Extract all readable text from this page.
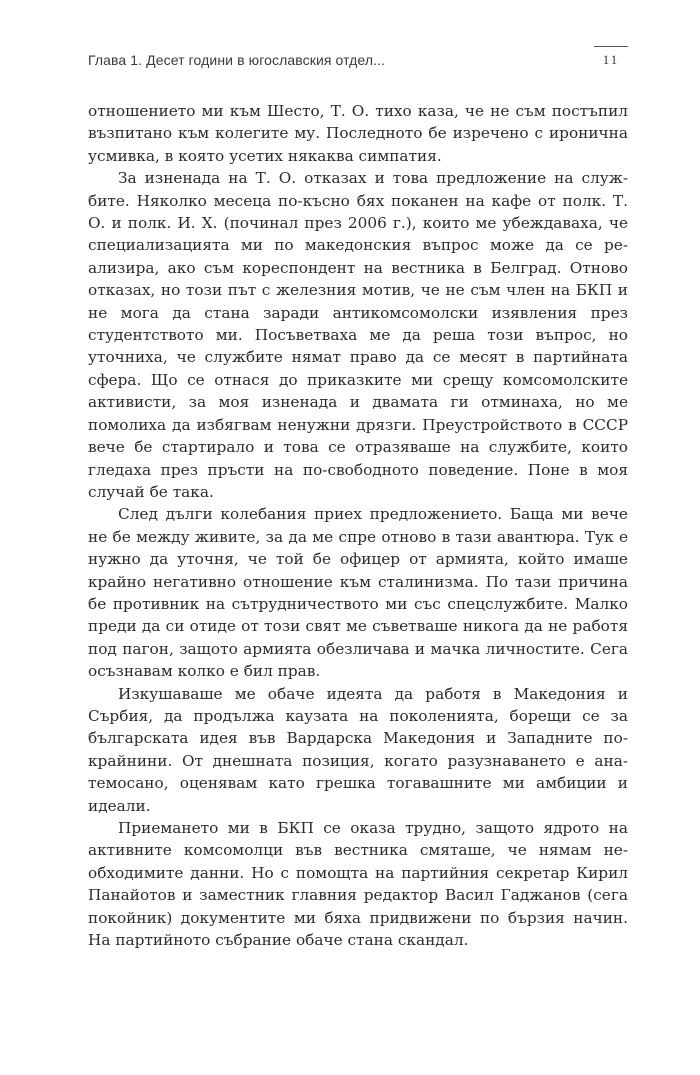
Глава 1. Десет години в югославския отдел...	11

отношението ми към Шесто, Т. О. тихо каза, че не съм постъпил възпитано към колегите му. Последното бе изречено с иронична усмивка, в която усетих някаква симпатия.

За изненада на Т. О. отказах и това предложение на службите. Няколко месеца по-късно бях поканен на кафе от полк. Т. О. и полк. И. Х. (починал през 2006 г.), които ме убеждаваха, че специализацията ми по македонския въпрос може да се реализира, ако съм кореспондент на вестника в Белград. Отново отказах, но този път с железния мотив, че не съм член на БКП и не мога да стана заради антикомсомолски изявления през студентството ми. Посъветваха ме да реша този въпрос, но уточниха, че службите нямат право да се месят в партийната сфера. Що се отнася до приказките ми срещу комсомолските активисти, за моя изненада и двамата ги отминаха, но ме помолиха да избягвам ненужни дрязги. Преустройството в СССР вече бе стартирало и това се отразяваше на службите, които гледаха през пръсти на по-свободното поведение. Поне в моя случай бе така.

След дълги колебания приех предложението. Баща ми вече не бе между живите, за да ме спре отново в тази авантюра. Тук е нужно да уточня, че той бе офицер от армията, който имаше крайно негативно отношение към сталинизма. По тази причина бе противник на сътрудничеството ми със спецслужбите. Малко преди да си отиде от този свят ме съветваше никога да не работя под пагон, защото армията обезличава и мачка личностите. Сега осъзнавам колко е бил прав.

Изкушаваше ме обаче идеята да работя в Македония и Сърбия, да продължа каузата на поколенията, борещи се за българската идея във Вардарска Македония и Западните покрайнини. От днешната позиция, когато разузнаването е анатемосано, оценявам като грешка тогавашните ми амбиции и идеали.

Приемането ми в БКП се оказа трудно, защото ядрото на активните комсомолци във вестника смяташе, че нямам необходимите данни. Но с помощта на партийния секретар Кирил Панайотов и заместник главния редактор Васил Гаджанов (сега покойник) документите ми бяха придвижени по бързия начин. На партийното събрание обаче стана скандал.
